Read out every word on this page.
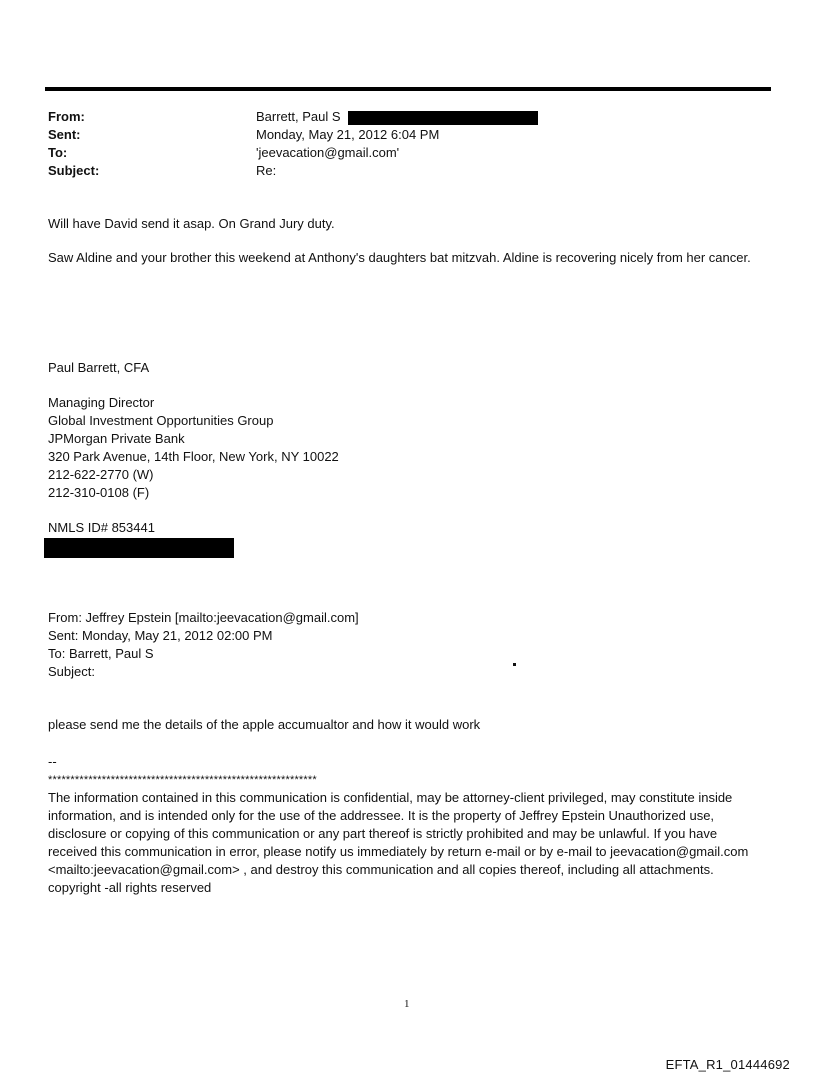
From:	Barrett, Paul S
Sent:	Monday, May 21, 2012 6:04 PM
To:	'jeevacation@gmail.com'
Subject:	Re:

Will have David send it asap. On Grand Jury duty.

Saw Aldine and your brother this weekend at Anthony's daughters bat mitzvah. Aldine is recovering nicely from her cancer.

Paul Barrett, CFA

Managing Director

Global Investment Opportunities Group

JPMorgan Private Bank

320 Park Avenue, 14th Floor, New York, NY 10022

212-622-2770 (W)

212-310-0108 (F)

NMLS ID# 853441

From: Jeffrey Epstein [mailto:jeevacation@gmail.com]

Sent: Monday, May 21, 2012 02:00 PM

To: Barrett, Paul S

Subject:

please send me the details of the apple accumualtor and how it would work

--

************************************************************

The information contained in this communication is confidential, may be attorney-client privileged, may constitute inside information, and is intended only for the use of the addressee. It is the property of Jeffrey Epstein Unauthorized use, disclosure or copying of this communication or any part thereof is strictly prohibited and may be unlawful. If you have received this communication in error, please notify us immediately by return e-mail or by e-mail to jeevacation@gmail.com <mailto:jeevacation@gmail.com> , and destroy this communication and all copies thereof, including all attachments. copyright -all rights reserved

1
EFTA_R1_01444692
